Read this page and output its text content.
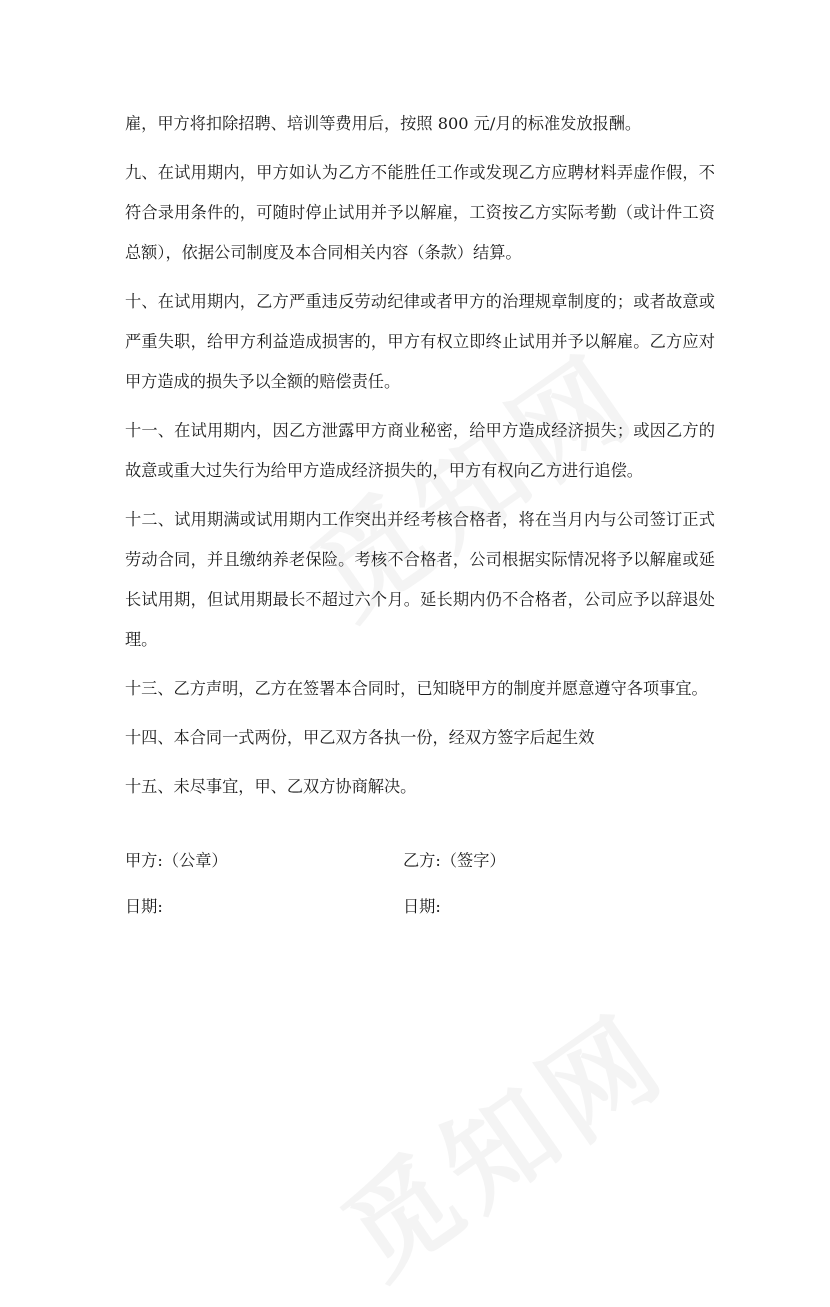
雇，甲方将扣除招聘、培训等费用后，按照 800 元/月的标准发放报酬。

九、在试用期内，甲方如认为乙方不能胜任工作或发现乙方应聘材料弄虚作假，不符合录用条件的，可随时停止试用并予以解雇，工资按乙方实际考勤（或计件工资总额），依据公司制度及本合同相关内容（条款）结算。

十、在试用期内，乙方严重违反劳动纪律或者甲方的治理规章制度的；或者故意或严重失职，给甲方利益造成损害的，甲方有权立即终止试用并予以解雇。乙方应对甲方造成的损失予以全额的赔偿责任。

十一、在试用期内，因乙方泄露甲方商业秘密，给甲方造成经济损失；或因乙方的故意或重大过失行为给甲方造成经济损失的，甲方有权向乙方进行追偿。

十二、试用期满或试用期内工作突出并经考核合格者，将在当月内与公司签订正式劳动合同，并且缴纳养老保险。考核不合格者，公司根据实际情况将予以解雇或延长试用期，但试用期最长不超过六个月。延长期内仍不合格者，公司应予以辞退处理。

十三、乙方声明，乙方在签署本合同时，已知晓甲方的制度并愿意遵守各项事宜。

十四、本合同一式两份，甲乙双方各执一份，经双方签字后起生效

十五、未尽事宜，甲、乙双方协商解决。

甲方:（公章）	乙方:（签字）
日期:	日期:
